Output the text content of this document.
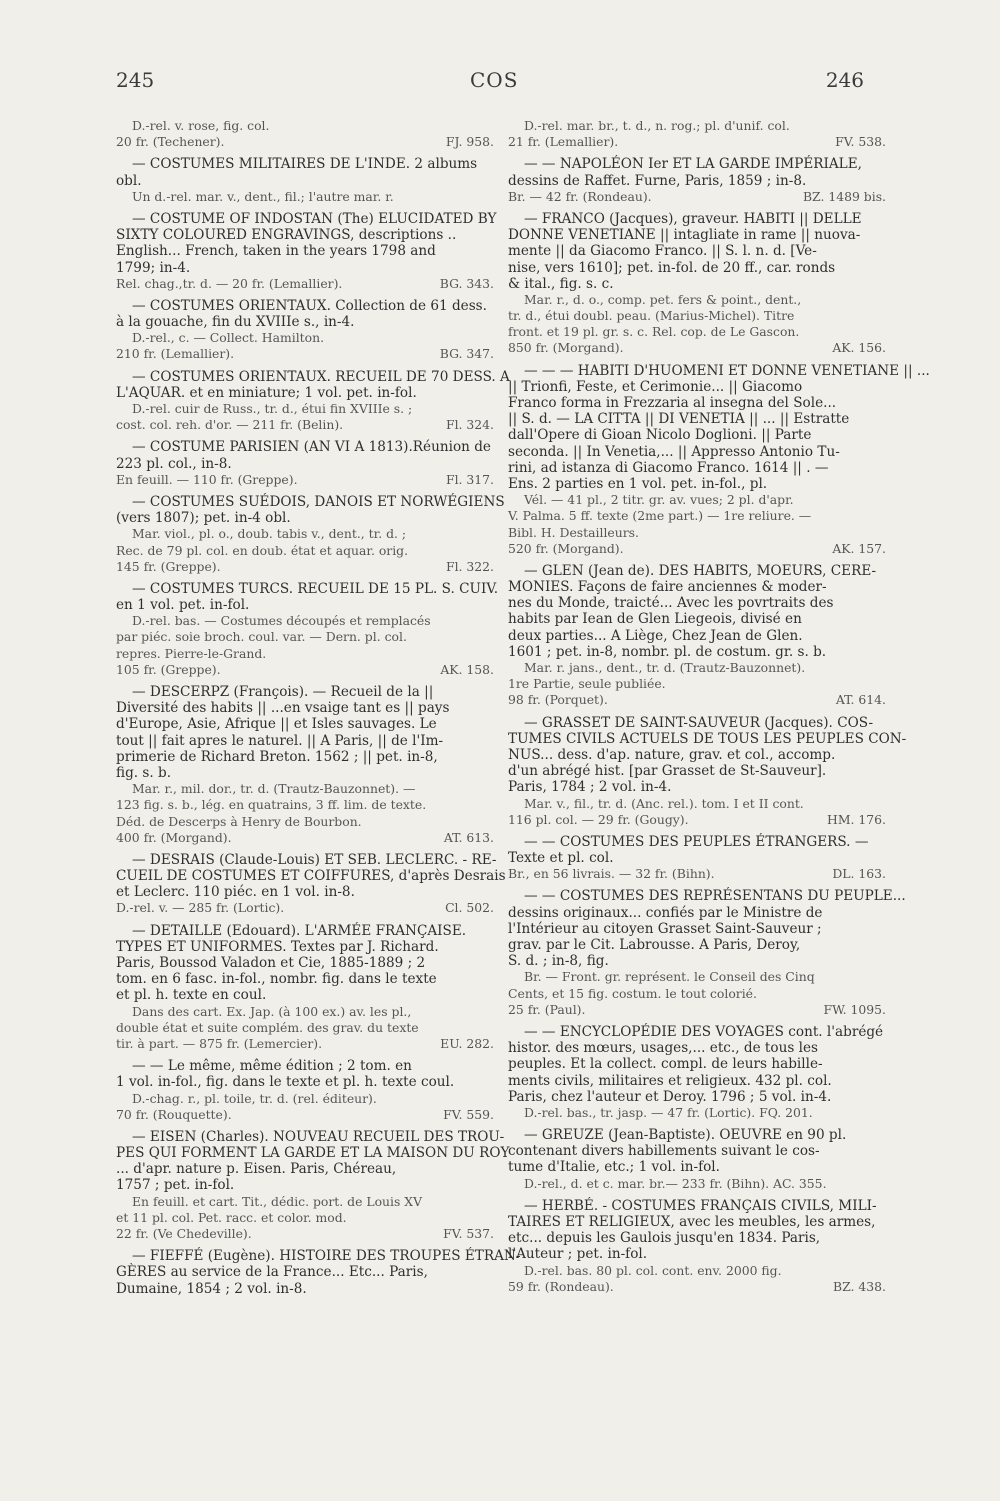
245	COS	246
D.-rel. v. rose, fig. col.
20 fr. (Techener).	FJ. 958.
— COSTUMES MILITAIRES DE L'INDE. 2 albums
obl.
Un d.-rel. mar. v., dent., fil.; l'autre mar. r.
— COSTUME OF INDOSTAN (The) ELUCIDATED BY
SIXTY COLOURED ENGRAVINGS, descriptions ..
English... French, taken in the years 1798 and
1799; in-4.
Rel. chag.,tr. d. — 20 fr. (Lemallier).	BG. 343.
— COSTUMES ORIENTAUX. Collection de 61 dess.
à la gouache, fin du XVIIIe s., in-4.
D.-rel., c. — Collect. Hamilton.
210 fr. (Lemallier).	BG. 347.
— COSTUMES ORIENTAUX. RECUEIL DE 70 DESS. A
L'AQUAR. et en miniature; 1 vol. pet. in-fol.
D.-rel. cuir de Russ., tr. d., étui fin XVIIIe s. ;
cost. col. reh. d'or. — 211 fr. (Belin).	Fl. 324.
— COSTUME PARISIEN (AN VI A 1813).Réunion de
223 pl. col., in-8.
En feuill. — 110 fr. (Greppe).	Fl. 317.
— COSTUMES SUÉDOIS, DANOIS ET NORWÉGIENS
(vers 1807); pet. in-4 obl.
Mar. viol., pl. o., doub. tabis v., dent., tr. d. ;
Rec. de 79 pl. col. en doub. état et aquar. orig.
145 fr. (Greppe).	Fl. 322.
— COSTUMES TURCS. RECUEIL DE 15 PL. S. CUIV.
en 1 vol. pet. in-fol.
D.-rel. bas. — Costumes découpés et remplacés
par piéc. soie broch. coul. var. — Dern. pl. col.
repres. Pierre-le-Grand.
105 fr. (Greppe).	AK. 158.
— DESCERPZ (François). — Recueil de la ||
Diversité des habits || ...en vsaige tant es || pays
d'Europe, Asie, Afrique || et Isles sauvages. Le
tout || fait apres le naturel. || A Paris, || de l'Im-
primerie de Richard Breton. 1562 ; || pet. in-8,
fig. s. b.
Mar. r., mil. dor., tr. d. (Trautz-Bauzonnet). —
123 fig. s. b., lég. en quatrains, 3 ff. lim. de texte.
Déd. de Descerps à Henry de Bourbon.
400 fr. (Morgand).	AT. 613.
— DESRAIS (Claude-Louis) ET SEB. LECLERC. - RE-
CUEIL DE COSTUMES ET COIFFURES, d'après Desrais
et Leclerc. 110 piéc. en 1 vol. in-8.
D.-rel. v. — 285 fr. (Lortic).	Cl. 502.
— DETAILLE (Edouard). L'ARMÉE FRANÇAISE.
TYPES ET UNIFORMES. Textes par J. Richard.
Paris, Boussod Valadon et Cie, 1885-1889 ; 2
tom. en 6 fasc. in-fol., nombr. fig. dans le texte
et pl. h. texte en coul.
Dans des cart. Ex. Jap. (à 100 ex.) av. les pl.,
double état et suite complém. des grav. du texte
tir. à part. — 875 fr. (Lemercier).	EU. 282.
— — Le même, même édition ; 2 tom. en
1 vol. in-fol., fig. dans le texte et pl. h. texte coul.
D.-chag. r., pl. toile, tr. d. (rel. éditeur).
70 fr. (Rouquette).	FV. 559.
— EISEN (Charles). NOUVEAU RECUEIL DES TROU-
PES QUI FORMENT LA GARDE ET LA MAISON DU ROY
... d'apr. nature p. Eisen. Paris, Chéreau,
1757 ; pet. in-fol.
En feuill. et cart. Tit., dédic. port. de Louis XV
et 11 pl. col. Pet. racc. et color. mod.
22 fr. (Ve Chedeville).	FV. 537.
— FIEFFÉ (Eugène). HISTOIRE DES TROUPES ÉTRAN-
GÈRES au service de la France... Etc... Paris,
Dumaine, 1854 ; 2 vol. in-8.
D.-rel. mar. br., t. d., n. rog.; pl. d'unif. col.
21 fr. (Lemallier).	FV. 538.
— — NAPOLÉON Ier ET LA GARDE IMPÉRIALE,
dessins de Raffet. Furne, Paris, 1859 ; in-8.
Br. — 42 fr. (Rondeau).	BZ. 1489 bis.
— FRANCO (Jacques), graveur. HABITI || DELLE
DONNE VENETIANE || intagliate in rame || nuova-
mente || da Giacomo Franco. || S. l. n. d. [Ve-
nise, vers 1610]; pet. in-fol. de 20 ff., car. ronds
& ital., fig. s. c.
Mar. r., d. o., comp. pet. fers & point., dent.,
tr. d., étui doubl. peau. (Marius-Michel). Titre
front. et 19 pl. gr. s. c. Rel. cop. de Le Gascon.
850 fr. (Morgand).	AK. 156.
— — — HABITI D'HUOMENI ET DONNE VENETIANE || ...
|| Trionfi, Feste, et Cerimonie... || Giacomo
Franco forma in Frezzaria al insegna del Sole...
|| S. d. — LA CITTA || DI VENETIA || ... || Estratte
dall'Opere di Gioan Nicolo Doglioni. || Parte
seconda. || In Venetia,... || Appresso Antonio Tu-
rini, ad istanza di Giacomo Franco. 1614 || . —
Ens. 2 parties en 1 vol. pet. in-fol., pl.
Vél. — 41 pl., 2 titr. gr. av. vues; 2 pl. d'apr.
V. Palma. 5 ff. texte (2me part.) — 1re reliure. —
Bibl. H. Destailleurs.
520 fr. (Morgand).	AK. 157.
— GLEN (Jean de). DES HABITS, MOEURS, CERE-
MONIES. Façons de faire anciennes & moder-
nes du Monde, traicté... Avec les povrtraits des
habits par Iean de Glen Liegeois, divisé en
deux parties... A Liège, Chez Jean de Glen.
1601 ; pet. in-8, nombr. pl. de costum. gr. s. b.
Mar. r. jans., dent., tr. d. (Trautz-Bauzonnet).
1re Partie, seule publiée.
98 fr. (Porquet).	AT. 614.
— GRASSET DE SAINT-SAUVEUR (Jacques). COS-
TUMES CIVILS ACTUELS DE TOUS LES PEUPLES CON-
NUS... dess. d'ap. nature, grav. et col., accomp.
d'un abrégé hist. [par Grasset de St-Sauveur].
Paris, 1784 ; 2 vol. in-4.
Mar. v., fil., tr. d. (Anc. rel.). tom. I et II cont.
116 pl. col. — 29 fr. (Gougy).	HM. 176.
— — COSTUMES DES PEUPLES ÉTRANGERS. —
Texte et pl. col.
Br., en 56 livrais. — 32 fr. (Bihn).	DL. 163.
— — COSTUMES DES REPRÉSENTANS DU PEUPLE...
dessins originaux... confiés par le Ministre de
l'Intérieur au citoyen Grasset Saint-Sauveur ;
grav. par le Cit. Labrousse. A Paris, Deroy,
S. d. ; in-8, fig.
Br. — Front. gr. représent. le Conseil des Cinq
Cents, et 15 fig. costum. le tout colorié.
25 fr. (Paul).	FW. 1095.
— — ENCYCLOPÉDIE DES VOYAGES cont. l'abrégé
histor. des mœurs, usages,... etc., de tous les
peuples. Et la collect. compl. de leurs habille-
ments civils, militaires et religieux. 432 pl. col.
Paris, chez l'auteur et Deroy. 1796 ; 5 vol. in-4.
D.-rel. bas., tr. jasp. — 47 fr. (Lortic). FQ. 201.
— GREUZE (Jean-Baptiste). OEUVRE en 90 pl.
contenant divers habillements suivant le cos-
tume d'Italie, etc.; 1 vol. in-fol.
D.-rel., d. et c. mar. br.— 233 fr. (Bihn). AC. 355.
— HERBÉ. - COSTUMES FRANÇAIS CIVILS, MILI-
TAIRES ET RELIGIEUX, avec les meubles, les armes,
etc... depuis les Gaulois jusqu'en 1834. Paris,
l'Auteur ; pet. in-fol.
D.-rel. bas. 80 pl. col. cont. env. 2000 fig.
59 fr. (Rondeau).	BZ. 438.
